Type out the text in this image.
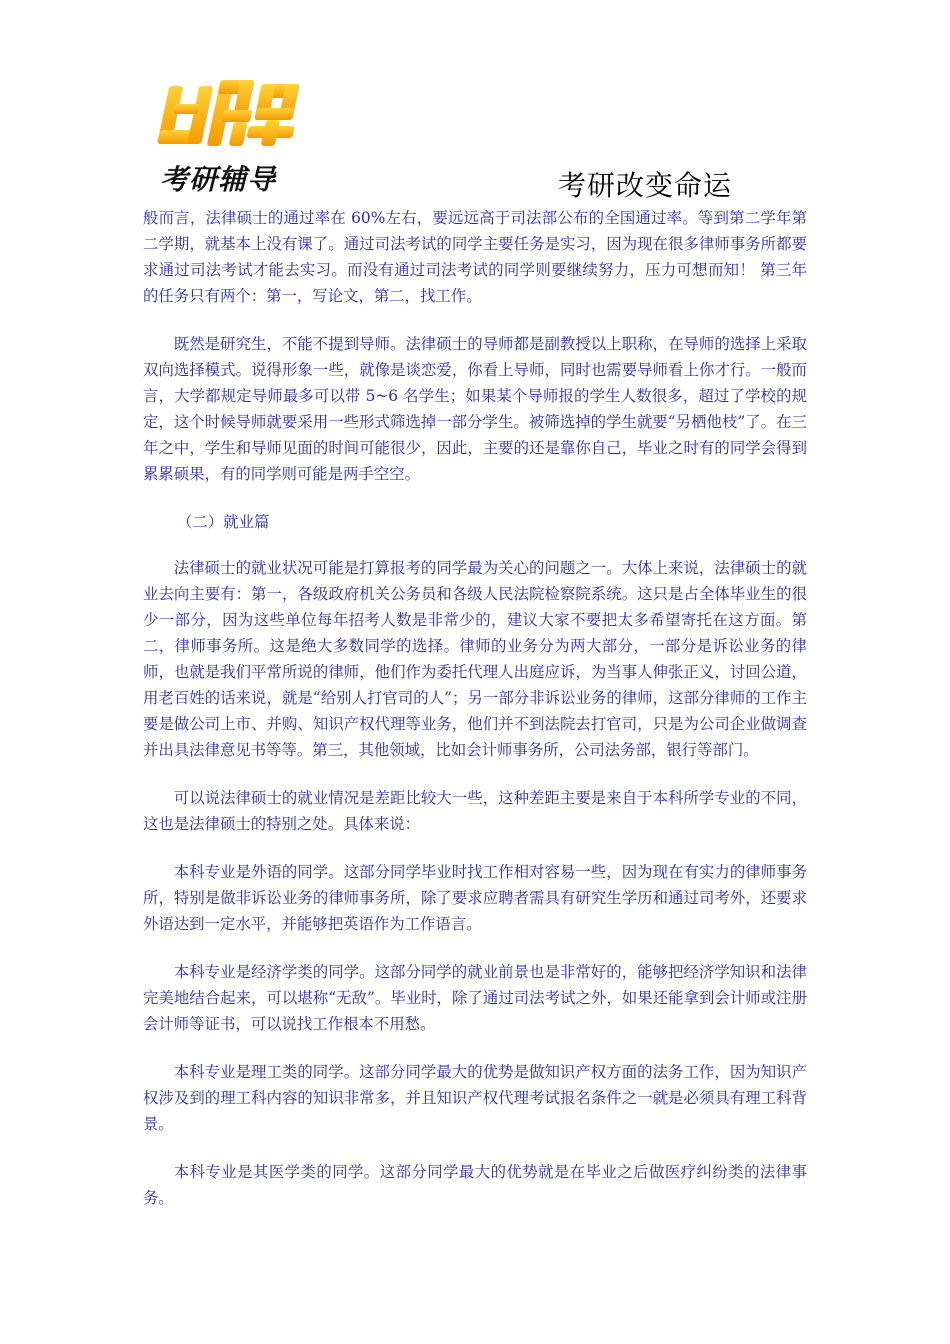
考研辅导	考研改变命运

般而言，法律硕士的通过率在 60%左右，要远远高于司法部公布的全国通过率。等到第二学年第二学期，就基本上没有课了。通过司法考试的同学主要任务是实习，因为现在很多律师事务所都要求通过司法考试才能去实习。而没有通过司法考试的同学则要继续努力，压力可想而知！ 第三年的任务只有两个：第一，写论文，第二，找工作。

既然是研究生，不能不提到导师。法律硕士的导师都是副教授以上职称，在导师的选择上采取双向选择模式。说得形象一些，就像是谈恋爱，你看上导师，同时也需要导师看上你才行。一般而言，大学都规定导师最多可以带 5~6 名学生；如果某个导师报的学生人数很多，超过了学校的规定，这个时候导师就要采用一些形式筛选掉一部分学生。被筛选掉的学生就要“另栖他枝”了。在三年之中，学生和导师见面的时间可能很少，因此，主要的还是靠你自己，毕业之时有的同学会得到累累硕果，有的同学则可能是两手空空。

（二）就业篇

法律硕士的就业状况可能是打算报考的同学最为关心的问题之一。大体上来说，法律硕士的就业去向主要有：第一，各级政府机关公务员和各级人民法院检察院系统。这只是占全体毕业生的很少一部分，因为这些单位每年招考人数是非常少的，建议大家不要把太多希望寄托在这方面。第二，律师事务所。这是绝大多数同学的选择。律师的业务分为两大部分，一部分是诉讼业务的律师，也就是我们平常所说的律师，他们作为委托代理人出庭应诉，为当事人伸张正义，讨回公道，用老百姓的话来说，就是“给别人打官司的人”；另一部分非诉讼业务的律师，这部分律师的工作主要是做公司上市、并购、知识产权代理等业务，他们并不到法院去打官司，只是为公司企业做调查并出具法律意见书等等。第三，其他领域，比如会计师事务所，公司法务部，银行等部门。

可以说法律硕士的就业情况是差距比较大一些，这种差距主要是来自于本科所学专业的不同，这也是法律硕士的特别之处。具体来说：

本科专业是外语的同学。这部分同学毕业时找工作相对容易一些，因为现在有实力的律师事务所，特别是做非诉讼业务的律师事务所，除了要求应聘者需具有研究生学历和通过司考外，还要求外语达到一定水平，并能够把英语作为工作语言。

本科专业是经济学类的同学。这部分同学的就业前景也是非常好的，能够把经济学知识和法律完美地结合起来，可以堪称“无敌”。毕业时，除了通过司法考试之外，如果还能拿到会计师或注册会计师等证书，可以说找工作根本不用愁。

本科专业是理工类的同学。这部分同学最大的优势是做知识产权方面的法务工作，因为知识产权涉及到的理工科内容的知识非常多，并且知识产权代理考试报名条件之一就是必须具有理工科背景。

本科专业是其医学类的同学。这部分同学最大的优势就是在毕业之后做医疗纠纷类的法律事务。
